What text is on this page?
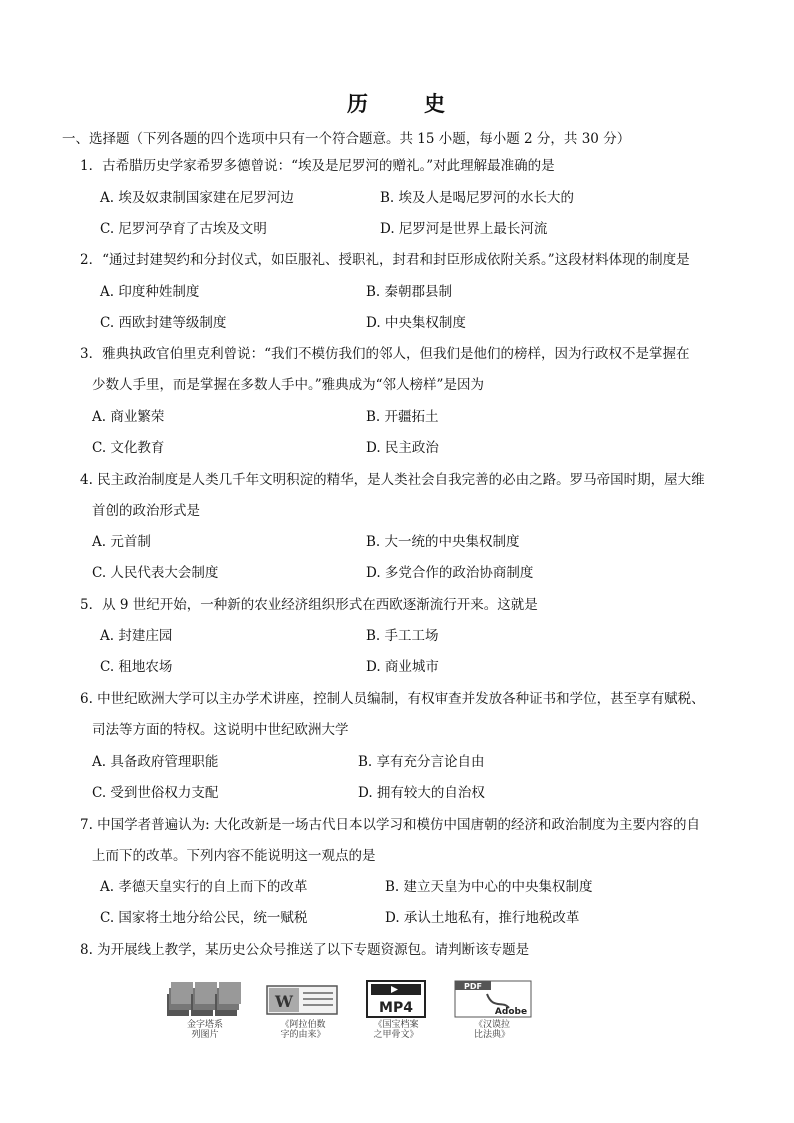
历	史
一、选择题（下列各题的四个选项中只有一个符合题意。共 15 小题，每小题 2 分，共 30 分）
1．古希腊历史学家希罗多德曾说：“埃及是尼罗河的赠礼。”对此理解最准确的是
A. 埃及奴隶制国家建在尼罗河边	B. 埃及人是喝尼罗河的水长大的
C. 尼罗河孕育了古埃及文明	D. 尼罗河是世界上最长河流
2．“通过封建契约和分封仪式，如臣服礼、授职礼，封君和封臣形成依附关系。”这段材料体现的制度是
A. 印度种姓制度	B. 秦朝郡县制
C. 西欧封建等级制度	D. 中央集权制度
3．雅典执政官伯里克利曾说：“我们不模仿我们的邻人，但我们是他们的榜样，因为行政权不是掌握在
少数人手里，而是掌握在多数人手中。”雅典成为“邻人榜样”是因为
A. 商业繁荣	B. 开疆拓土
C. 文化教育	D. 民主政治
4. 民主政治制度是人类几千年文明积淀的精华，是人类社会自我完善的必由之路。罗马帝国时期，屋大维
首创的政治形式是
A. 元首制	B. 大一统的中央集权制度
C. 人民代表大会制度	D. 多党合作的政治协商制度
5．从 9 世纪开始，一种新的农业经济组织形式在西欧逐渐流行开来。这就是
A. 封建庄园	B. 手工工场
C. 租地农场	D. 商业城市
6. 中世纪欧洲大学可以主办学术讲座，控制人员编制，有权审查并发放各种证书和学位，甚至享有赋税、
司法等方面的特权。这说明中世纪欧洲大学
A. 具备政府管理职能	B. 享有充分言论自由
C. 受到世俗权力支配	D. 拥有较大的自治权
7. 中国学者普遍认为: 大化改新是一场古代日本以学习和模仿中国唐朝的经济和政治制度为主要内容的自
上而下的改革。下列内容不能说明这一观点的是
A. 孝德天皇实行的自上而下的改革	B. 建立天皇为中心的中央集权制度
C. 国家将土地分给公民，统一赋税	D. 承认土地私有，推行地税改革
8. 为开展线上教学，某历史公众号推送了以下专题资源包。请判断该专题是
金字塔系
列图片
W
《阿拉伯数
字的由来》
MP4
《国宝档案
之甲骨文》
PDF
Adobe
《汉谟拉
比法典》
